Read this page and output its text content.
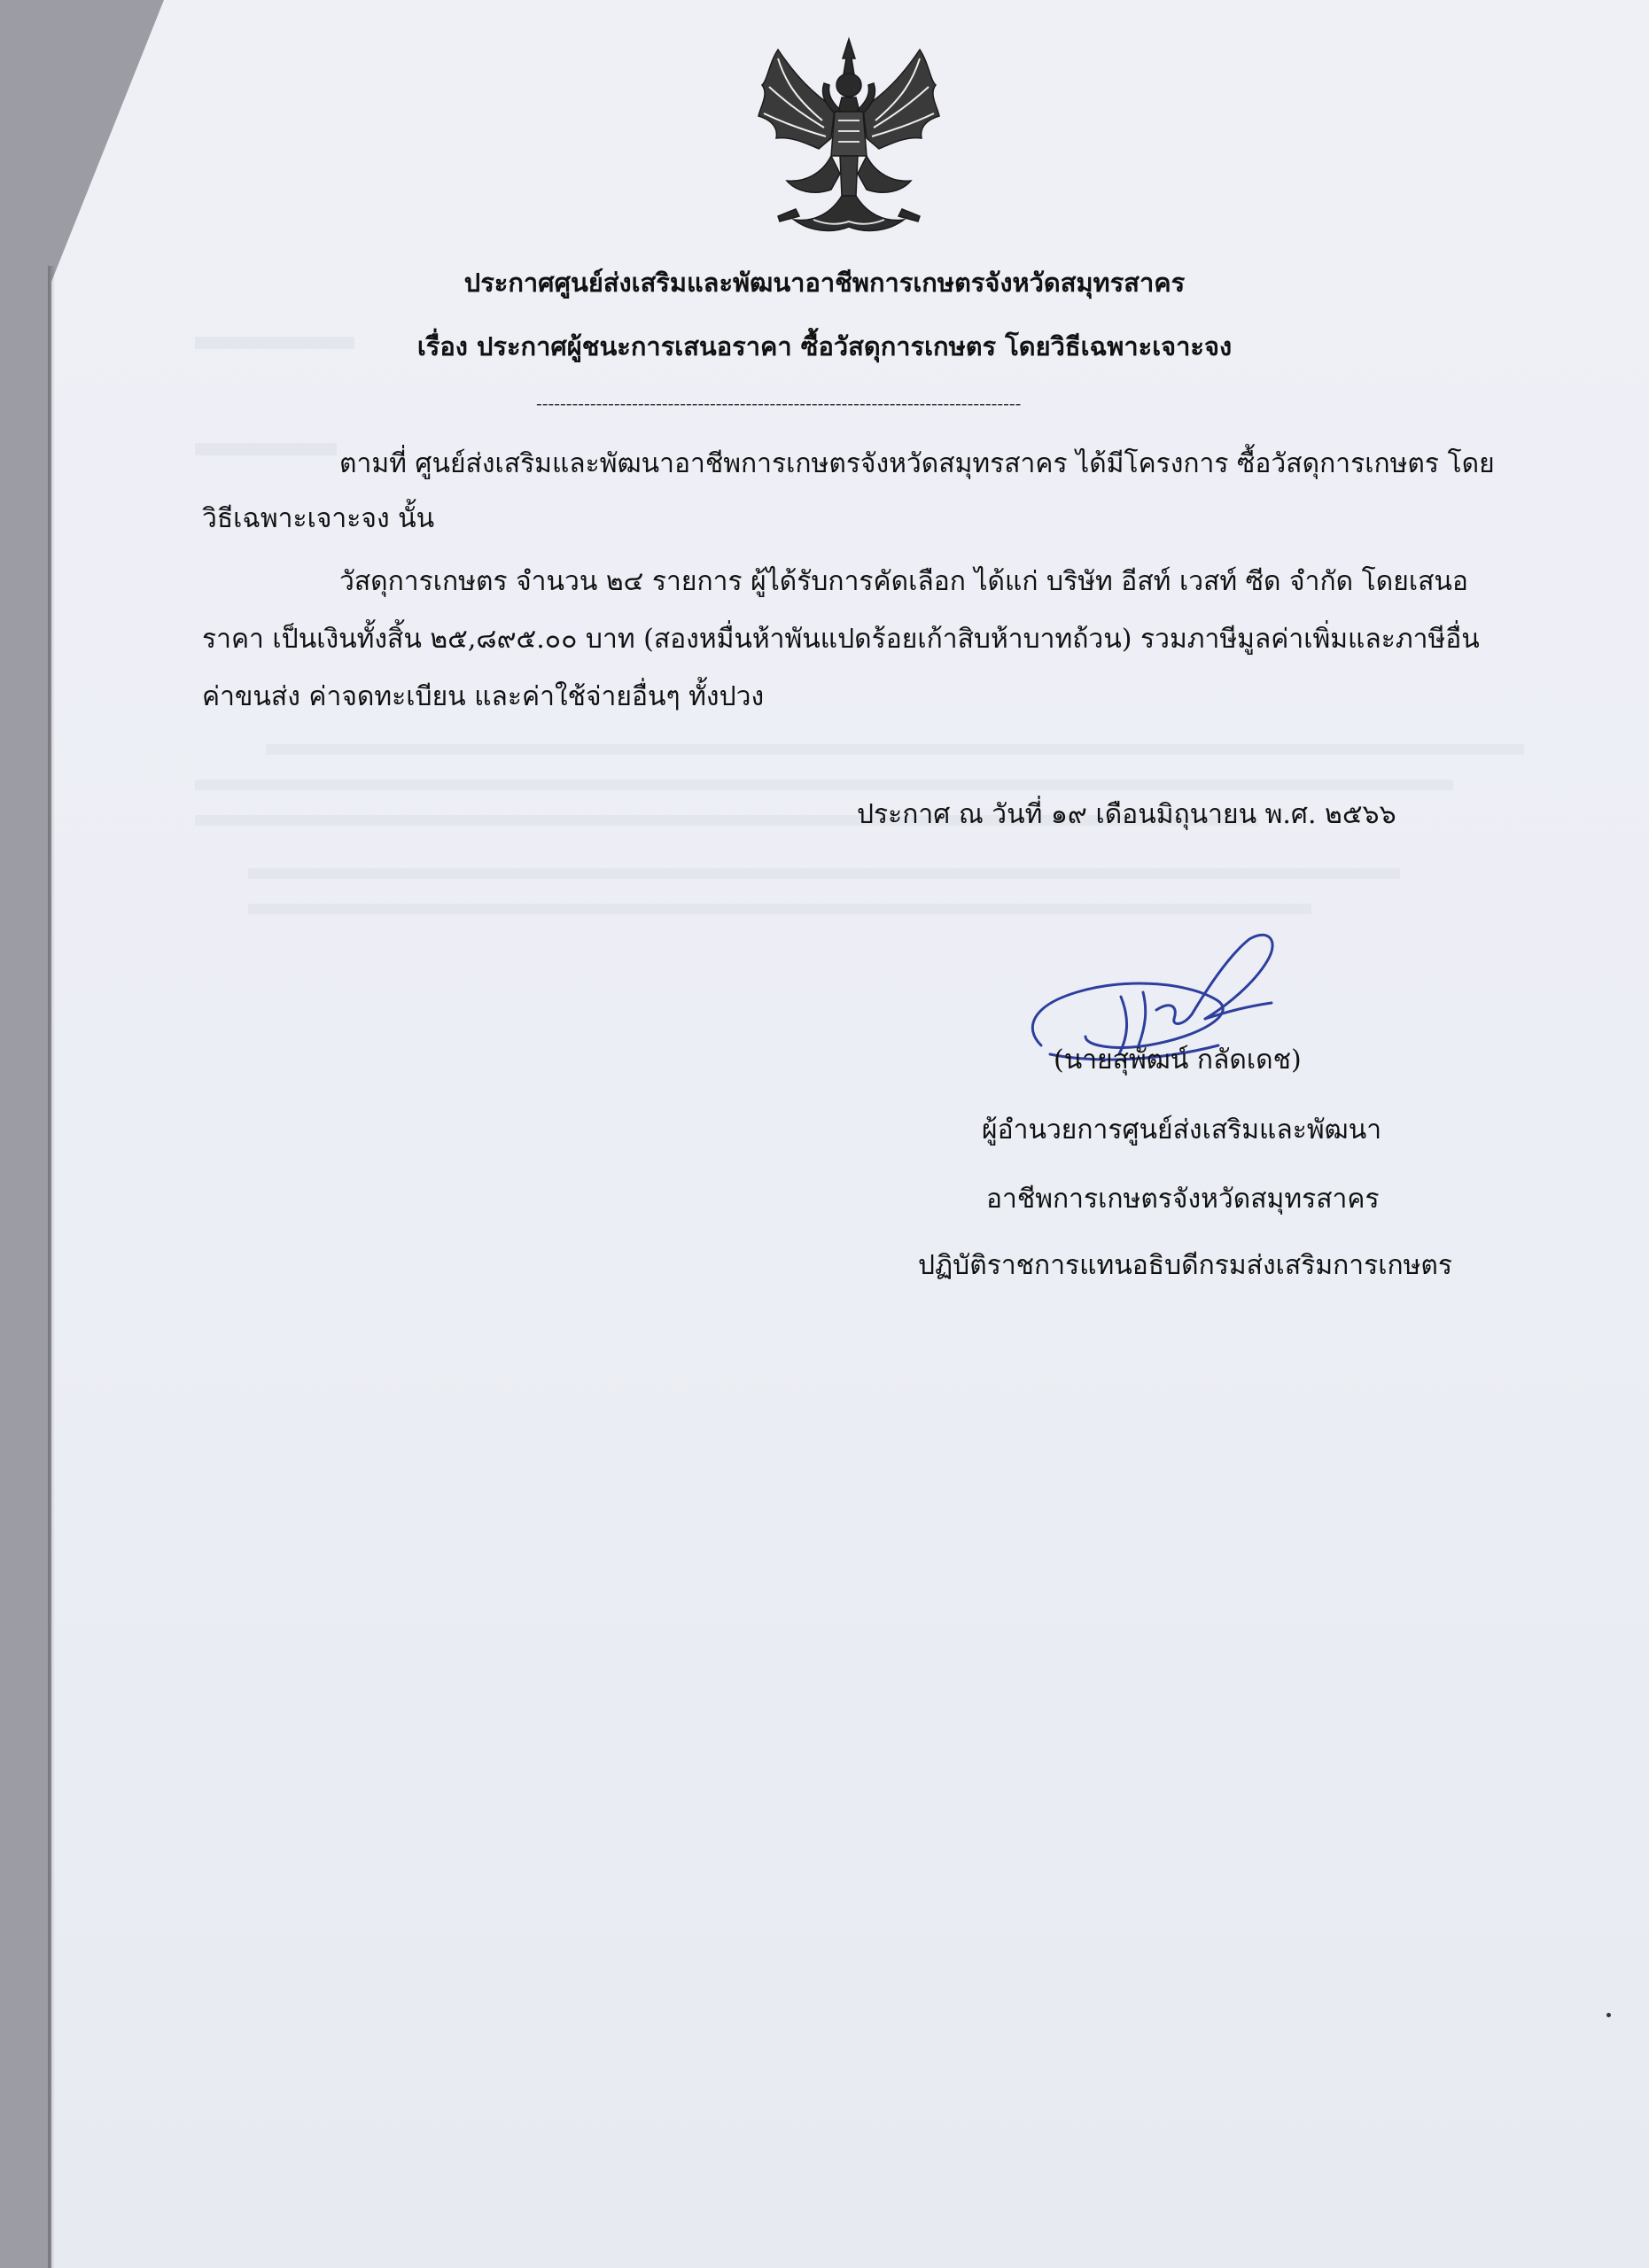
ประกาศศูนย์ส่งเสริมและพัฒนาอาชีพการเกษตรจังหวัดสมุทรสาคร
เรื่อง ประกาศผู้ชนะการเสนอราคา ซื้อวัสดุการเกษตร โดยวิธีเฉพาะเจาะจง
---------------------------------------------------------------------------------
ตามที่ ศูนย์ส่งเสริมและพัฒนาอาชีพการเกษตรจังหวัดสมุทรสาคร ได้มีโครงการ ซื้อวัสดุการเกษตร โดย
วิธีเฉพาะเจาะจง นั้น
วัสดุการเกษตร จำนวน ๒๔ รายการ ผู้ได้รับการคัดเลือก ได้แก่ บริษัท อีสท์ เวสท์ ซีด จำกัด โดยเสนอ
ราคา เป็นเงินทั้งสิ้น ๒๕,๘๙๕.๐๐ บาท (สองหมื่นห้าพันแปดร้อยเก้าสิบห้าบาทถ้วน) รวมภาษีมูลค่าเพิ่มและภาษีอื่น
ค่าขนส่ง ค่าจดทะเบียน และค่าใช้จ่ายอื่นๆ ทั้งปวง
ประกาศ ณ วันที่ ๑๙ เดือนมิถุนายน พ.ศ. ๒๕๖๖
(นายสุพัฒน์ กลัดเดช)
ผู้อำนวยการศูนย์ส่งเสริมและพัฒนา
อาชีพการเกษตรจังหวัดสมุทรสาคร
ปฏิบัติราชการแทนอธิบดีกรมส่งเสริมการเกษตร
